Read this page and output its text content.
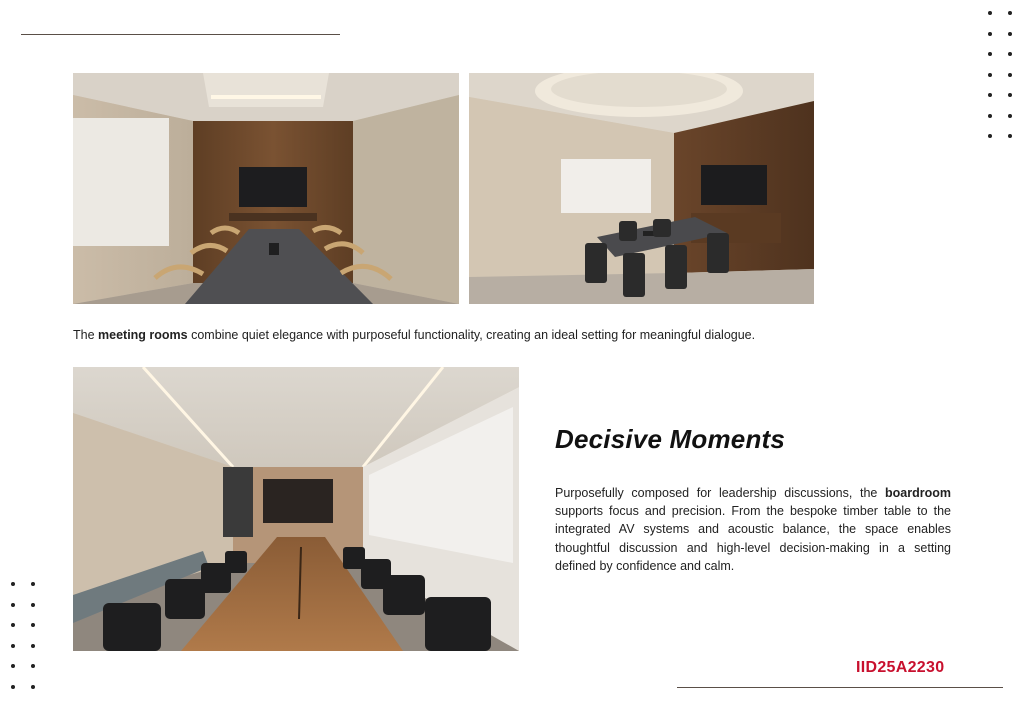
The meeting rooms combine quiet elegance with purposeful functionality, creating an ideal setting for meaningful dialogue.
Decisive Moments
Purposefully composed for leadership discussions, the boardroom supports focus and precision. From the bespoke timber table to the integrated AV systems and acoustic balance, the space enables thoughtful discussion and high-level decision-making in a setting defined by confidence and calm.
IID25A2230
